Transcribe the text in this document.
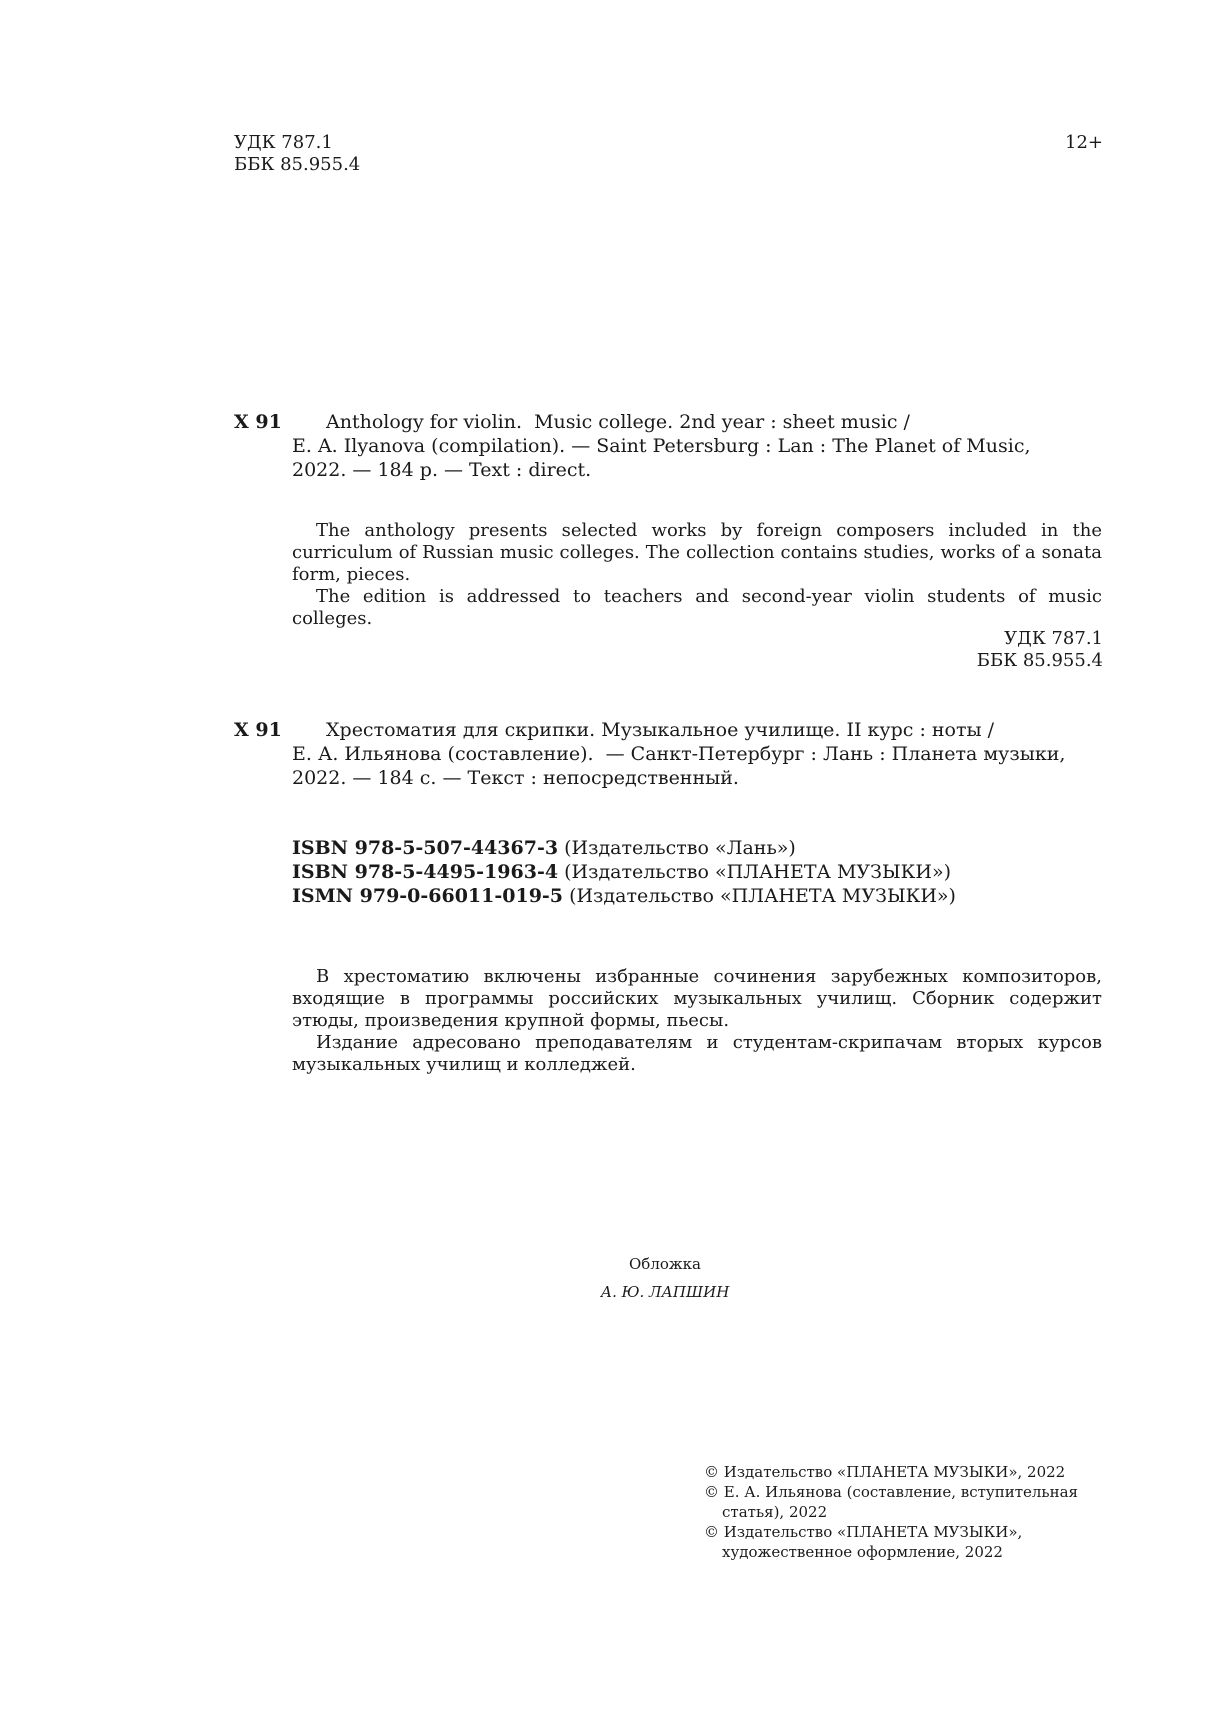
УДК 787.1
ББК 85.955.4
12+
Х 91	Anthology for violin.  Music college. 2nd year : sheet music /
E. A. Ilyanova (compilation). — Saint Petersburg : Lan : The Planet of Music,
2022. — 184 p. — Text : direct.

The anthology presents selected works by foreign composers included in the curriculum of Russian music colleges. The collection contains studies, works of a sonata form, pieces.

The edition is addressed to teachers and second-year violin students of music colleges.

УДК 787.1
ББК 85.955.4
Х 91	Хрестоматия для скрипки. Музыкальное училище. II курс : ноты /
Е. А. Ильянова (составление).  — Санкт-Петербург : Лань : Планета музыки,
2022. — 184 с. — Текст : непосредственный.
ISBN 978-5-507-44367-3 (Издательство «Лань»)
ISBN 978-5-4495-1963-4 (Издательство «ПЛАНЕТА МУЗЫКИ»)
ISMN 979-0-66011-019-5 (Издательство «ПЛАНЕТА МУЗЫКИ»)

В хрестоматию включены избранные сочинения зарубежных композиторов, входящие в программы российских музыкальных училищ. Сборник содержит этюды, произведения крупной формы, пьесы.

Издание адресовано преподавателям и студентам-скрипачам вторых курсов музыкальных училищ и колледжей.

Обложка
А. Ю. ЛАПШИН
© Издательство «ПЛАНЕТА МУЗЫКИ», 2022
© Е. А. Ильянова (составление, вступительная статья), 2022
© Издательство «ПЛАНЕТА МУЗЫКИ», художественное оформление, 2022
